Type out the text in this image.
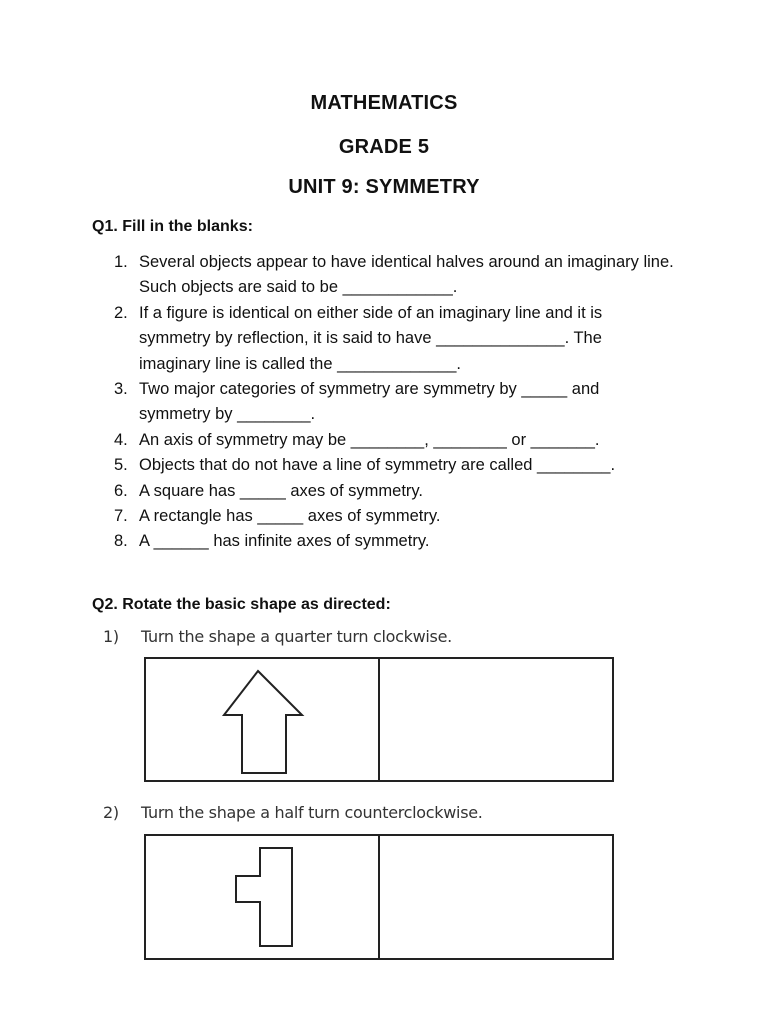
MATHEMATICS
GRADE 5
UNIT 9: SYMMETRY
Q1. Fill in the blanks:
1. Several objects appear to have identical halves around an imaginary line. Such objects are said to be ____________.
2. If a figure is identical on either side of an imaginary line and it is symmetry by reflection, it is said to have ______________. The imaginary line is called the _____________.
3. Two major categories of symmetry are symmetry by _____ and symmetry by ________.
4. An axis of symmetry may be ________, ________ or _______.
5. Objects that do not have a line of symmetry are called ________.
6. A square has _____ axes of symmetry.
7. A rectangle has _____ axes of symmetry.
8. A ______ has infinite axes of symmetry.
Q2. Rotate the basic shape as directed:
1) Turn the shape a quarter turn clockwise.
2) Turn the shape a half turn counterclockwise.
